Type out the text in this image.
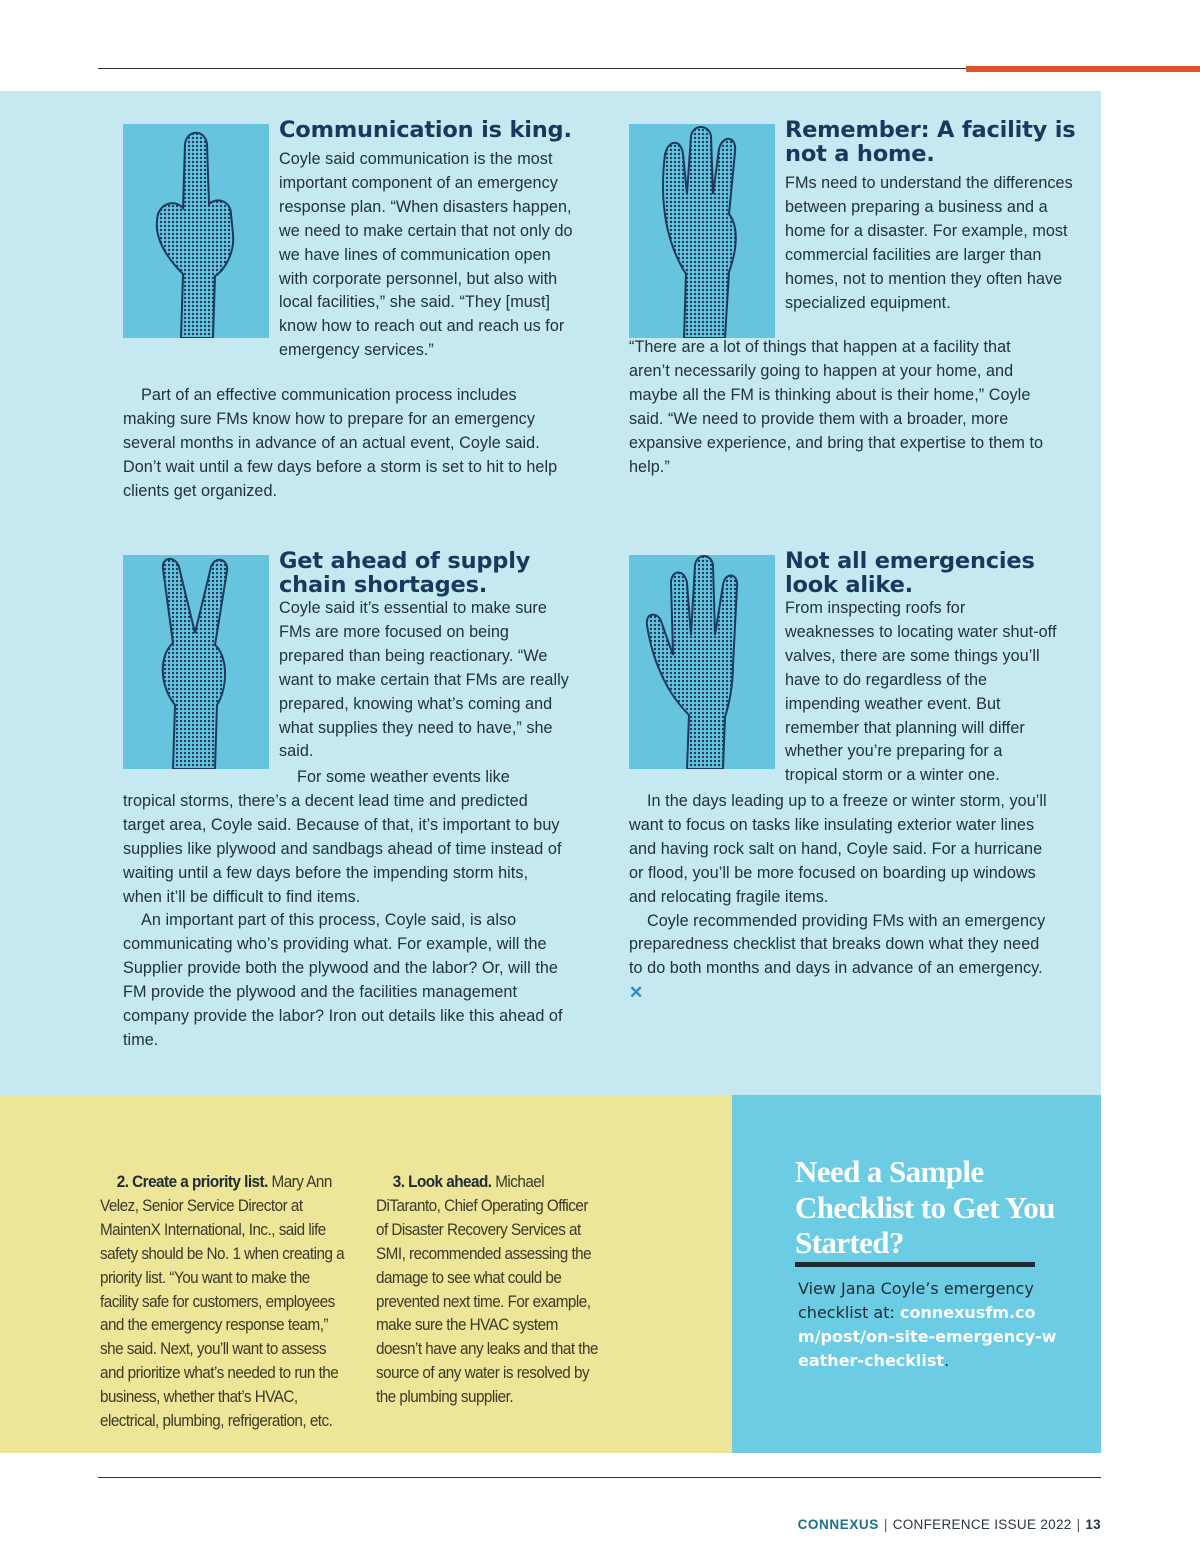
Communication is king.

Coyle said communication is the most important component of an emergency response plan. “When disasters happen, we need to make certain that not only do we have lines of communication open with corporate personnel, but also with local facilities,” she said. “They [must] know how to reach out and reach us for emergency services.”

Part of an effective communication process includes making sure FMs know how to prepare for an emergency several months in advance of an actual event, Coyle said. Don’t wait until a few days before a storm is set to hit to help clients get organized.

Remember: A facility is not a home.

FMs need to understand the differences between preparing a business and a home for a disaster. For example, most commercial facilities are larger than homes, not to mention they often have specialized equipment.

“There are a lot of things that happen at a facility that aren’t necessarily going to happen at your home, and maybe all the FM is thinking about is their home,” Coyle said. “We need to provide them with a broader, more expansive experience, and bring that expertise to them to help.”

Get ahead of supply chain shortages.

Coyle said it’s essential to make sure FMs are more focused on being prepared than being reactionary. “We want to make certain that FMs are really prepared, knowing what’s coming and what supplies they need to have,” she said.

For some weather events like tropical storms, there’s a decent lead time and predicted target area, Coyle said. Because of that, it’s important to buy supplies like plywood and sandbags ahead of time instead of waiting until a few days before the impending storm hits, when it’ll be difficult to find items.

An important part of this process, Coyle said, is also communicating who’s providing what. For example, will the Supplier provide both the plywood and the labor? Or, will the FM provide the plywood and the facilities management company provide the labor? Iron out details like this ahead of time.

Not all emergencies look alike.

From inspecting roofs for weaknesses to locating water shut-off valves, there are some things you’ll have to do regardless of the impending weather event. But remember that planning will differ whether you’re preparing for a tropical storm or a winter one.

In the days leading up to a freeze or winter storm, you’ll want to focus on tasks like insulating exterior water lines and having rock salt on hand, Coyle said. For a hurricane or flood, you’ll be more focused on boarding up windows and relocating fragile items.

Coyle recommended providing FMs with an emergency preparedness checklist that breaks down what they need to do both months and days in advance of an emergency. ✕

2. Create a priority list. Mary Ann Velez, Senior Service Director at MaintenX International, Inc., said life safety should be No. 1 when creating a priority list. “You want to make the facility safe for customers, employees and the emergency response team,” she said. Next, you’ll want to assess and prioritize what’s needed to run the business, whether that’s HVAC, electrical, plumbing, refrigeration, etc.
3. Look ahead. Michael DiTaranto, Chief Operating Officer of Disaster Recovery Services at SMI, recommended assessing the damage to see what could be prevented next time. For example, make sure the HVAC system doesn’t have any leaks and that the source of any water is resolved by the plumbing supplier.
Need a Sample Checklist to Get You Started?
View Jana Coyle’s emergency checklist at: connexusfm.com/post/on-site-emergency-weather-checklist.
CONNEXUS | CONFERENCE ISSUE 2022 | 13
